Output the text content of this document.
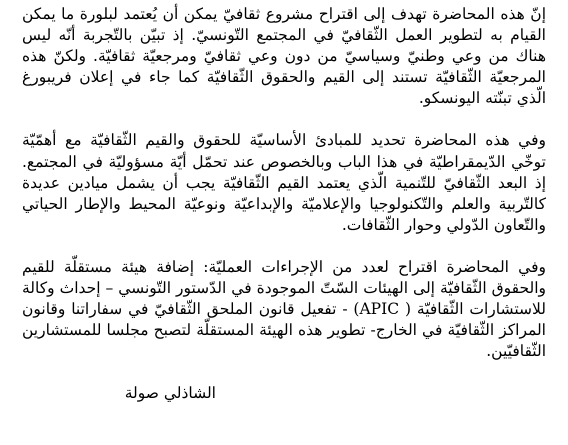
إنّ هذه المحاضرة تهدف إلى اقتراح مشروع ثقافيّ يمكن أن يُعتمد لبلورة ما يمكن القيام به لتطوير العمل الثّقافيّ في المجتمع التّونسيّ. إذ تبيّن بالتّجربة أنّه ليس هناك من وعي وطنيّ وسياسيّ من دون وعي ثقافيّ ومرجعيّة ثقافيّة. ولكنّ هذه المرجعيّة الثّقافيّة تستند إلى القيم والحقوق الثّقافيّة كما جاء في إعلان فريبورغ الّذي تبنّته اليونسكو.

وفي هذه المحاضرة تحديد للمبادئ الأساسيّة للحقوق والقيم الثّقافيّة مع أهمّيّة توخّي الدّيمقراطيّة في هذا الباب وبالخصوص عند تحمّل أيّة مسؤوليّة في المجتمع. إذ البعد الثّقافيّ للتّنمية الّذي يعتمد القيم الثّقافيّة يجب أن يشمل ميادين عديدة كالتّربية والعلم والتّكنولوجيا والإعلاميّة والإبداعيّة ونوعيّة المحيط والإطار الحياتي والتّعاون الدّولي وحوار الثّقافات.

وفي المحاضرة اقتراح لعدد من الإجراءات العمليّة: إضافة هيئة مستقلّة للقيم والحقوق الثّقافيّة إلى الهيئات السّتّ الموجودة في الدّستور التّونسي – إحداث وكالة للاستشارات الثّقافيّة ( APIC) - تفعيل قانون الملحق الثّقافيّ في سفاراتنا وقانون المراكز الثّقافيّة في الخارج- تطوير هذه الهيئة المستقلّة لتصبح مجلسا للمستشارين الثّقافيّين.

الشاذلي صولة
